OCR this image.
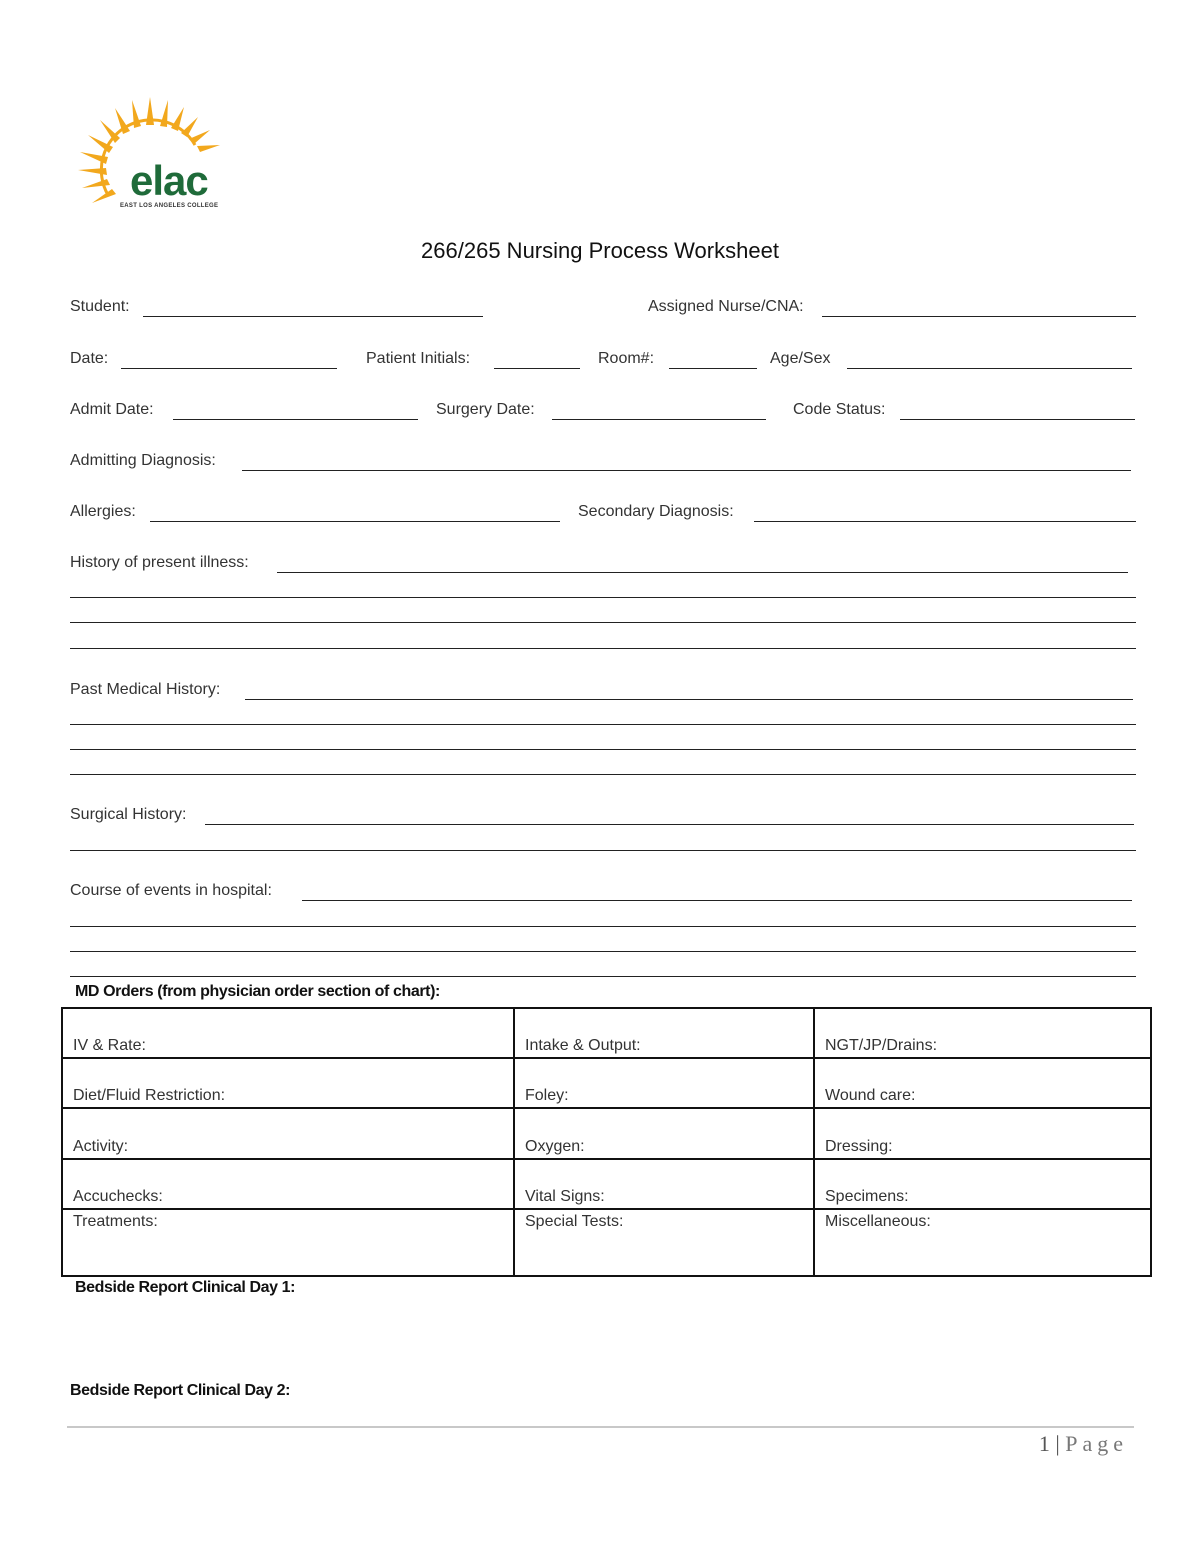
elac
EAST LOS ANGELES COLLEGE
266/265 Nursing Process Worksheet
Student:	Assigned Nurse/CNA:
Date:	Patient Initials:	Room#:	Age/Sex
Admit Date:	Surgery Date:	Code Status:
Admitting Diagnosis:
Allergies:	Secondary Diagnosis:
History of present illness:
Past Medical History:
Surgical History:
Course of events in hospital:
MD Orders (from physician order section of chart):
IV & Rate:	Intake & Output:	NGT/JP/Drains:
Diet/Fluid Restriction:	Foley:	Wound care:
Activity:	Oxygen:	Dressing:
Accuchecks:	Vital Signs:	Specimens:
Treatments:	Special Tests:	Miscellaneous:
Bedside Report Clinical Day 1:
Bedside Report Clinical Day 2:
1 | Page
